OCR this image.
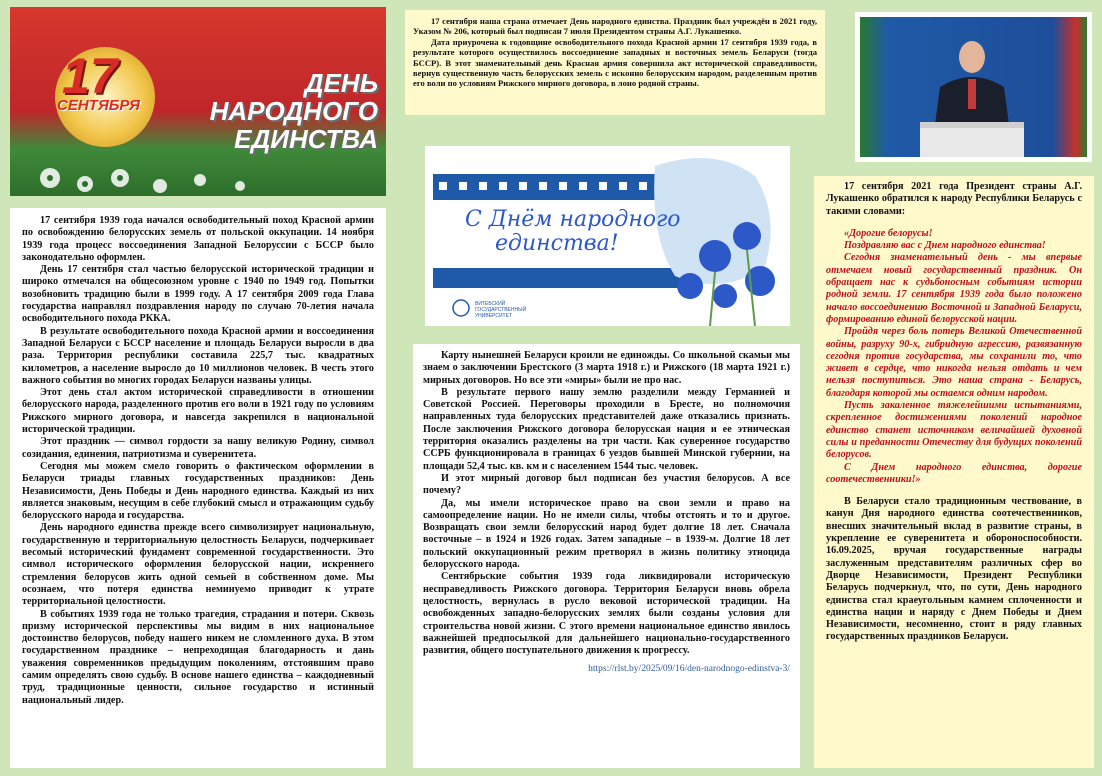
17
СЕНТЯБРЯ
ДЕНЬ
НАРОДНОГО
ЕДИНСТВА

17 сентября наша страна отмечает День народного единства. Праздник был учреждён в 2021 году, Указом № 206, который был подписан 7 июля Президентом страны А.Г. Лукашенко.

Дата приурочена к годовщине освободительного похода Красной армии 17 сентября 1939 года, в результате которого осуществилось воссоединение западных и восточных земель Беларуси (тогда БССР). В этот знаменательный день Красная армия совершила акт исторической справедливости, вернув существенную часть белорусских земель с исконно белорусским народом, разделенным против его воли по условиям Рижского мирного договора, в лоно родной страны.

С Днём народного
единства!
ВИТЕБСКИЙ
ГОСУДАРСТВЕННЫЙ
УНИВЕРСИТЕТ

17 сентября 1939 года начался освободительный поход Красной армии по освобождению белорусских земель от польской оккупации. 14 ноября 1939 года процесс воссоединения Западной Белоруссии с БССР было законодательно оформлен.

День 17 сентября стал частью белорусской исторической традиции и широко отмечался на общесоюзном уровне с 1940 по 1949 год. Попытки возобновить традицию были в 1999 году. А 17 сентября 2009 года Глава государства направлял поздравления народу по случаю 70-летия начала освободительного похода РККА.

В результате освободительного похода Красной армии и воссоединения Западной Беларуси с БССР население и площадь Беларуси выросли в два раза. Территория республики составила 225,7 тыс. квадратных километров, а население выросло до 10 миллионов человек. В честь этого важного события во многих городах Беларуси названы улицы.

Этот день стал актом исторической справедливости в отношении белорусского народа, разделенного против его воли в 1921 году по условиям Рижского мирного договора, и навсегда закрепился в национальной исторической традиции.

Этот праздник — символ гордости за нашу великую Родину, символ созидания, единения, патриотизма и суверенитета.

Сегодня мы можем смело говорить о фактическом оформлении в Беларуси триады главных государственных праздников: День Независимости, День Победы и День народного единства. Каждый из них является знаковым, несущим в себе глубокий смысл и отражающим судьбу белорусского народа и государства.

День народного единства прежде всего символизирует национальную, государственную и территориальную целостность Беларуси, подчеркивает весомый исторический фундамент современной государственности. Это символ исторического оформления белорусской нации, искреннего стремления белорусов жить одной семьей в собственном доме. Мы осознаем, что потеря единства неминуемо приводит к утрате территориальной целостности.

В событиях 1939 года не только трагедия, страдания и потери. Сквозь призму исторической перспективы мы видим в них национальное достоинство белорусов, победу нашего никем не сломленного духа. В этом государственном празднике – непреходящая благодарность и дань уважения современников предыдущим поколениям, отстоявшим право самим определять свою судьбу. В основе нашего единства – каждодневный труд, традиционные ценности, сильное государство и истинный национальный лидер.

Карту нынешней Беларуси кроили не единожды. Со школьной скамьи мы знаем о заключении Брестского (3 марта 1918 г.) и Рижского (18 марта 1921 г.) мирных договоров. Но все эти «миры» были не про нас.

В результате первого нашу землю разделили между Германией и Советской Россией. Переговоры проходили в Бресте, но полномочия направленных туда белорусских представителей даже отказались признать. После заключения Рижского договора белорусская нация и ее этническая территория оказались разделены на три части. Как суверенное государство ССРБ функционировала в границах 6 уездов бывшей Минской губернии, на площади 52,4 тыс. кв. км и с населением 1544 тыс. человек.

И этот мирный договор был подписан без участия белорусов. А все почему?

Да, мы имели историческое право на свои земли и право на самоопределение нации. Но не имели силы, чтобы отстоять и то и другое. Возвращать свои земли белорусский народ будет долгие 18 лет. Сначала восточные – в 1924 и 1926 годах. Затем западные – в 1939-м. Долгие 18 лет польский оккупационный режим претворял в жизнь политику этноцида белорусского народа.

Сентябрьские события 1939 года ликвидировали историческую несправедливость Рижского договора. Территория Беларуси вновь обрела целостность, вернулась в русло вековой исторической традиции. На освобожденных западно-белорусских землях были созданы условия для строительства новой жизни. С этого времени национальное единство явилось важнейшей предпосылкой для дальнейшего национально-государственного развития, общего поступательного движения к прогрессу.

https://rlst.by/2025/09/16/den-narodnogo-edinstva-3/

17 сентября 2021 года Президент страны А.Г. Лукашенко обратился к народу Республики Беларусь с такими словами:

«Дорогие белорусы!

Поздравляю вас с Днем народного единства!

Сегодня знаменательный день - мы впервые отмечаем новый государственный праздник. Он обращает нас к судьбоносным событиям истории родной земли. 17 сентября 1939 года было положено начало воссоединению Восточной и Западной Беларуси, формированию единой белорусской нации.

Пройдя через боль потерь Великой Отечественной войны, разруху 90-х, гибридную агрессию, развязанную сегодня против государства, мы сохранили то, что живет в сердце, что никогда нельзя отдать и чем нельзя поступиться. Это наша страна - Беларусь, благодаря которой мы остаемся одним народом.

Пусть закаленное тяжелейшими испытаниями, скрепленное достижениями поколений народное единство станет источником величайшей духовной силы и преданности Отечеству для будущих поколений белорусов.

С Днем народного единства, дорогие соотечественники!»

В Беларуси стало традиционным чествование, в канун Дня народного единства соотечественников, внесших значительный вклад в развитие страны, в укрепление ее суверенитета и обороноспособности. 16.09.2025, вручая государственные награды заслуженным представителям различных сфер во Дворце Независимости, Президент Республики Беларусь подчеркнул, что, по сути, День народного единства стал краеугольным камнем сплоченности и единства нации и наряду с Днем Победы и Днем Независимости, несомненно, стоит в ряду главных государственных праздников Беларуси.
